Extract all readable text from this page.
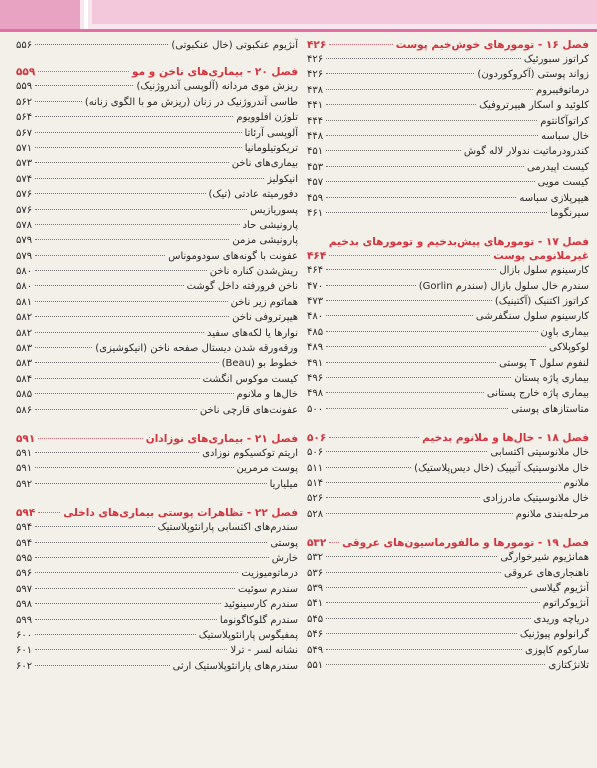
فصل ۱۶ - تومورهای خوش‌خیم پوست
۴۲۶
کراتوز سبورئیک
۴۲۶
زواند پوستی (آکروکوردون)
۴۲۶
درماتوفیبروم
۴۳۸
کلوئید و اسکار هیپرتروفیک
۴۴۱
کراتوآکانتوم
۴۴۴
خال سباسه
۴۴۸
کندرودرماتیت ندولار لاله گوش
۴۵۱
کیست اپیدرمی
۴۵۳
کیست مویی
۴۵۷
هیپرپلازی سباسه
۴۵۹
سیرنگوما
۴۶۱
فصل ۱۷ - تومورهای پیش‌بدخیم و تومورهای بدخیم
غیرملانومی پوست
۴۶۴
کارسینوم سلول بازال
۴۶۴
سندرم خال سلول بازال (سندرم Gorlin)
۴۷۰
کراتوز اکتنیک (آکتینیک)
۴۷۳
کارسینوم سلول سنگفرشی
۴۸۰
بیماری باوِن
۴۸۵
لوکوپلاکی
۴۸۹
لنفوم سلول T پوستی
۴۹۱
بیماری پاژه پستان
۴۹۶
بیماری پاژه خارج پستانی
۴۹۸
متاستازهای پوستی
۵۰۰
فصل ۱۸ - خال‌ها و ملانوم بدخیم
۵۰۶
خال ملانوسیتی اکتسابی
۵۰۶
خال ملانوسیتیک آتیپیک (خال دیس‌پلاستیک)
۵۱۱
ملانوم
۵۱۴
خال ملانوسیتیک مادرزادی
۵۲۶
مرحله‌بندی ملانوم
۵۲۸
فصل ۱۹ - تومورها و مالفورماسیون‌های عروقی
۵۳۲
همانژیوم شیرخوارگی
۵۳۲
ناهنجاری‌های عروقی
۵۳۶
آنژیوم گیلاسی
۵۳۹
آنژیوکراتوم
۵۴۱
دریاچه وریدی
۵۴۵
گرانولوم پیوژنیک
۵۴۶
سارکوم کاپوزی
۵۴۹
تلانژکتازی
۵۵۱
آنژیوم عنکبوتی (خال عنکبوتی)
۵۵۶
فصل ۲۰ - بیماری‌های ناخن و مو
۵۵۹
ریزش موی مردانه (آلوپسی آندروژنیک)
۵۵۹
طاسی آندروژنیک در زنان (ریزش مو با الگوی زنانه)
۵۶۲
تلوژن افلوویوم
۵۶۴
آلوپسی آرئاتا
۵۶۷
تریکوتیلومانیا
۵۷۱
بیماری‌های ناخن
۵۷۳
انیکولیز
۵۷۴
دفورمیته عادتی (تیک)
۵۷۶
پسوریازیس
۵۷۶
پارونیشی حاد
۵۷۸
پارونیشی مزمن
۵۷۹
عفونت با گونه‌های سودوموناس
۵۷۹
ریش‌شدن کناره ناخن
۵۸۰
ناخن فرورفته داخل گوشت
۵۸۰
هماتوم زیر ناخن
۵۸۱
هیپرتروفی ناخن
۵۸۲
نوارها یا لکه‌های سفید
۵۸۲
ورقه‌ورقه شدن دیستال صفحه ناخن (انیکوشیزی)
۵۸۳
خطوط بو (Beau)
۵۸۳
کیست موکوس انگشت
۵۸۴
خال‌ها و ملانوم
۵۸۵
عفونت‌های قارچی ناخن
۵۸۶
فصل ۲۱ - بیماری‌های نوزادان
۵۹۱
اریتم توکسیکوم نوزادی
۵۹۱
پوست مرمرین
۵۹۱
میلیاریا
۵۹۲
فصل ۲۲ - تظاهرات پوستی بیماری‌های داخلی
۵۹۴
سندرم‌های اکتسابی پارانئوپلاستیک
۵۹۴
پوستی
۵۹۴
خارش
۵۹۵
درماتومیوزیت
۵۹۶
سندرم سوئیت
۵۹۷
سندرم کارسینوئید
۵۹۸
سندرم گلوکاگونوما
۵۹۹
پمفیگوس پارانئوپلاستیک
۶۰۰
نشانه لسر - ترلا
۶۰۱
سندرم‌های پارانئوپلاستیک ارثی
۶۰۲
